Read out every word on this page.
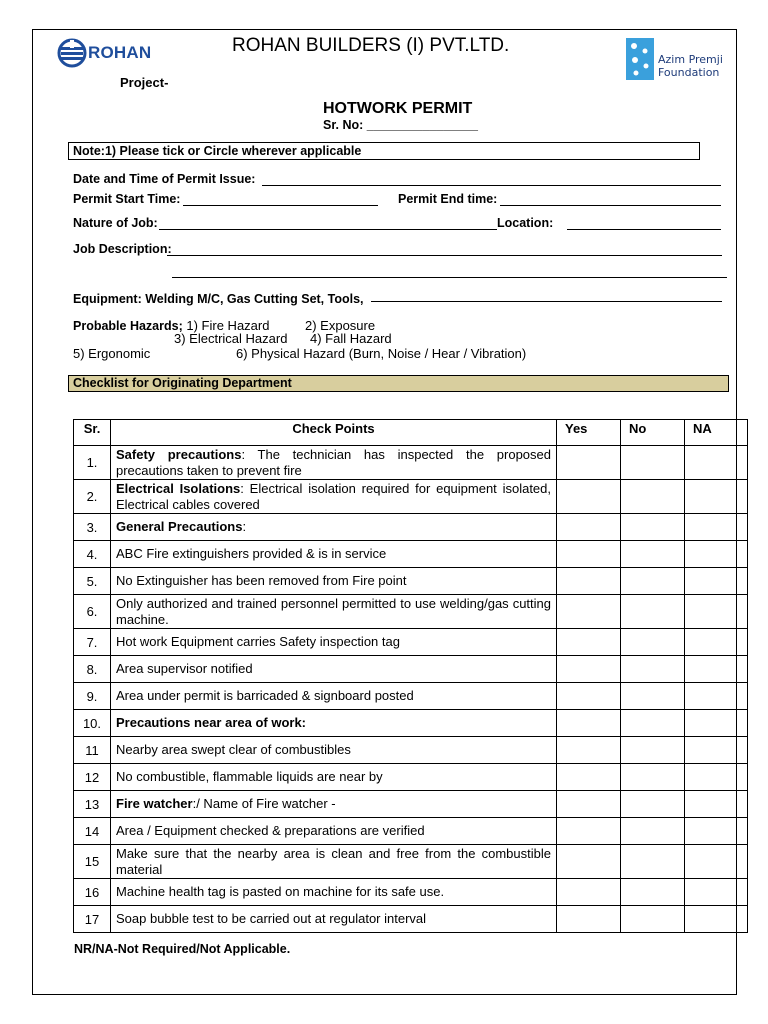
ROHAN	ROHAN BUILDERS (I) PVT.LTD.
Azim Premji
Foundation
Project-
HOTWORK PERMIT
Sr. No: ________________
Note:1) Please tick or Circle wherever applicable
Date and Time of Permit Issue:
Permit Start Time:	Permit End time:
Nature of Job:	Location:
Job Description:
Equipment: Welding M/C, Gas Cutting Set, Tools,
Probable Hazards; 1) Fire Hazard	2) Exposure
3) Electrical Hazard 4) Fall Hazard
5) Ergonomic	6) Physical Hazard (Burn, Noise / Hear / Vibration)
Checklist for Originating Department
Sr.	Check Points	Yes	No	NA	
1.	Safety precautions: The technician has inspected the proposed precautions taken to prevent fire				
2.	Electrical Isolations: Electrical isolation required for equipment isolated, Electrical cables covered				
3.	General Precautions:				
4.	ABC Fire extinguishers provided & is in service				
5.	No Extinguisher has been removed from Fire point				
6.	Only authorized and trained personnel permitted to use welding/gas cutting machine.				
7.	Hot work Equipment carries Safety inspection tag				
8.	Area supervisor notified				
9.	Area under permit is barricaded & signboard posted				
10.	Precautions near area of work:				
11	Nearby area swept clear of combustibles				
12	No combustible, flammable liquids are near by				
13	Fire watcher:/ Name of Fire watcher -				
14	Area / Equipment checked & preparations are verified				
15	Make sure that the nearby area is clean and free from the combustible material				
16	Machine health tag is pasted on machine for its safe use.				
17	Soap bubble test to be carried out at regulator interval				
NR/NA-Not Required/Not Applicable.
